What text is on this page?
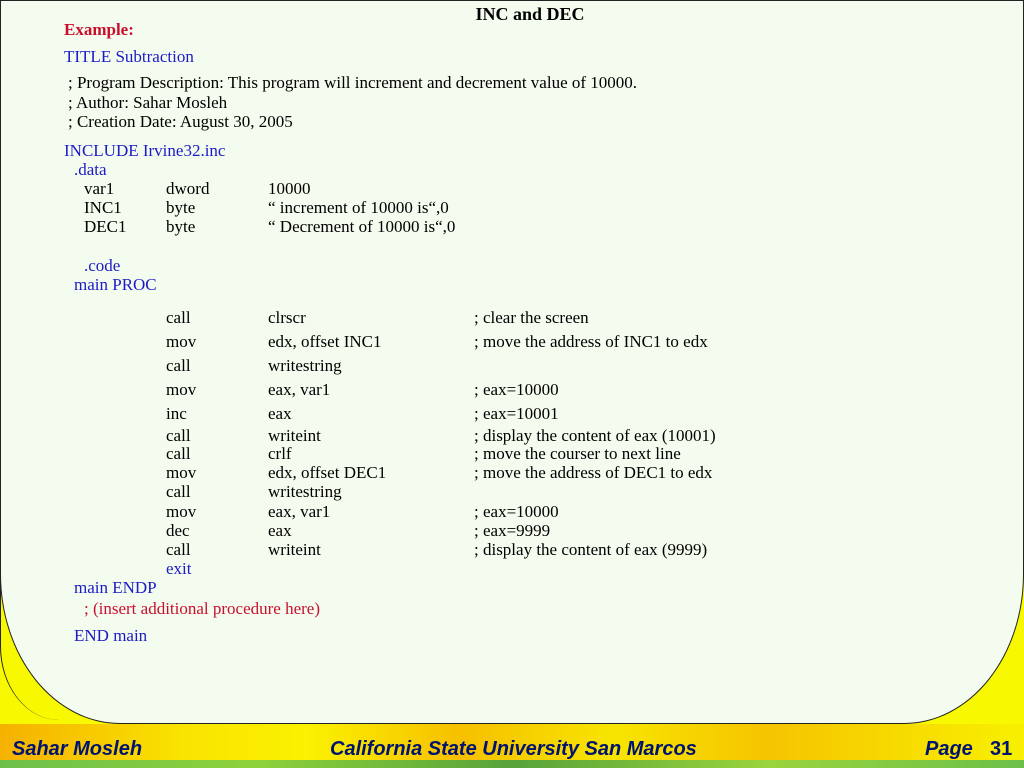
INC and DEC
Example:
TITLE Subtraction
; Program Description: This program will increment and decrement value of 10000.
; Author: Sahar Mosleh
; Creation Date: August 30, 2005
INCLUDE Irvine32.inc
.data
var1	dword	10000
INC1	byte	“ increment of 10000 is“,0
DEC1 byte	“ Decrement of 10000 is“,0
.code
main PROC
call	clrscr	; clear the screen
mov	edx, offset INC1	; move the address of INC1 to edx
call	writestring
mov	eax, var1	; eax=10000
inc	eax	; eax=10001
call	writeint	; display the content of eax (10001)
call	crlf	; move the courser to next line
mov	edx, offset DEC1	; move the address of DEC1 to edx
call	writestring
mov	eax, var1	; eax=10000
dec	eax	; eax=9999
call	writeint	; display the content of eax (9999)
exit
main ENDP
; (insert additional procedure here)
END main
Sahar Mosleh	California State University San Marcos	Page 31
